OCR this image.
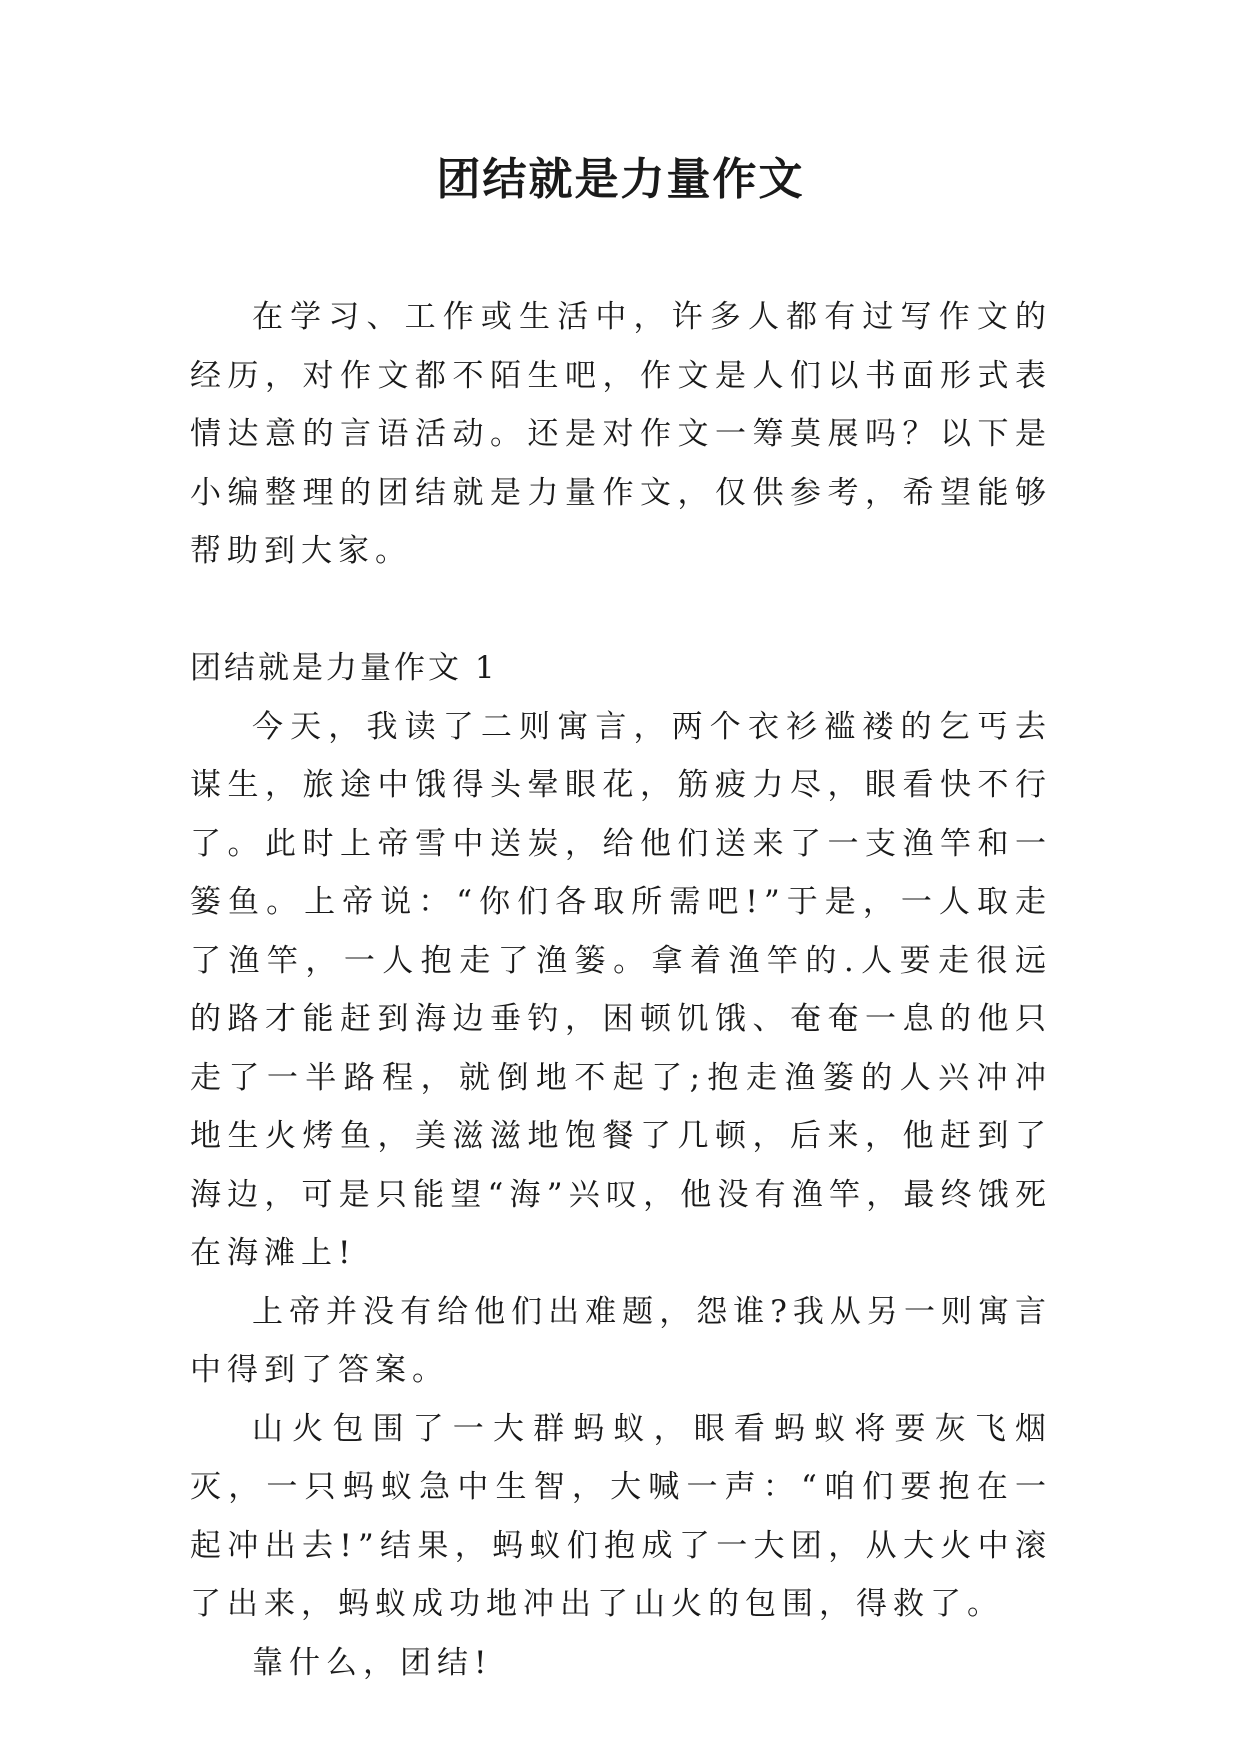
团结就是力量作文

在学习、工作或生活中，许多人都有过写作文的经历，对作文都不陌生吧，作文是人们以书面形式表情达意的言语活动。还是对作文一筹莫展吗？以下是小编整理的团结就是力量作文，仅供参考，希望能够帮助到大家。

团结就是力量作文 1

今天，我读了二则寓言，两个衣衫褴褛的乞丐去谋生，旅途中饿得头晕眼花，筋疲力尽，眼看快不行了。此时上帝雪中送炭，给他们送来了一支渔竿和一篓鱼。上帝说：“你们各取所需吧!”于是，一人取走了渔竿，一人抱走了渔篓。拿着渔竿的.人要走很远的路才能赶到海边垂钓，困顿饥饿、奄奄一息的他只走了一半路程，就倒地不起了;抱走渔篓的人兴冲冲地生火烤鱼，美滋滋地饱餐了几顿，后来，他赶到了海边，可是只能望“海”兴叹，他没有渔竿，最终饿死在海滩上!

上帝并没有给他们出难题，怨谁?我从另一则寓言中得到了答案。

山火包围了一大群蚂蚁，眼看蚂蚁将要灰飞烟灭，一只蚂蚁急中生智，大喊一声：“咱们要抱在一起冲出去!”结果，蚂蚁们抱成了一大团，从大火中滚了出来，蚂蚁成功地冲出了山火的包围，得救了。

靠什么，团结!
